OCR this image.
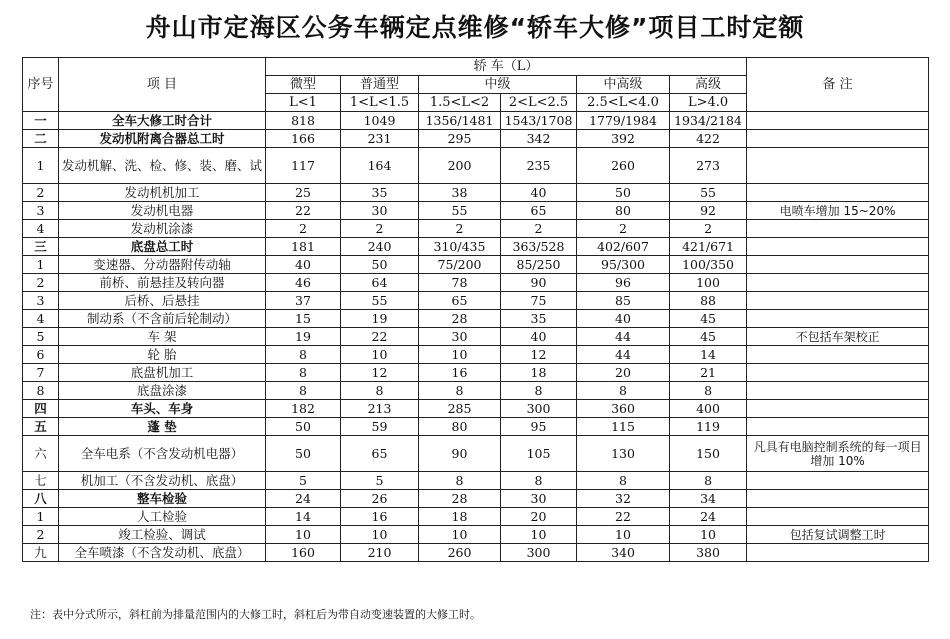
舟山市定海区公务车辆定点维修“轿车大修”项目工时定额
序号	项 目	轿 车（L）						备 注
		微型	普通型	中级		中高级	高级	
		L<1	1<L<1.5	1.5<L<2	2<L<2.5	2.5<L<4.0	L>4.0	
一	全车大修工时合计	818	1049	1356/1481	1543/1708	1779/1984	1934/2184	
二	发动机附离合器总工时	166	231	295	342	392	422	
1	发动机解、洗、检、修、装、磨、试	117	164	200	235	260	273	
2	发动机机加工	25	35	38	40	50	55	
3	发动机电器	22	30	55	65	80	92	电喷车增加 15~20%
4	发动机涂漆	2	2	2	2	2	2	
三	底盘总工时	181	240	310/435	363/528	402/607	421/671	
1	变速器、分动器附传动轴	40	50	75/200	85/250	95/300	100/350	
2	前桥、前悬挂及转向器	46	64	78	90	96	100	
3	后桥、后悬挂	37	55	65	75	85	88	
4	制动系（不含前后轮制动）	15	19	28	35	40	45	
5	车 架	19	22	30	40	44	45	不包括车架校正
6	轮 胎	8	10	10	12	44	14	
7	底盘机加工	8	12	16	18	20	21	
8	底盘涂漆	8	8	8	8	8	8	
四	车头、车身	182	213	285	300	360	400	
五	蓬 垫	50	59	80	95	115	119	
六	全车电系（不含发动机电器）	50	65	90	105	130	150	凡具有电脑控制系统的每一项目增加 10%
七	机加工（不含发动机、底盘）	5	5	8	8	8	8	
八	整车检验	24	26	28	30	32	34	
1	人工检验	14	16	18	20	22	24	
2	竣工检验、调试	10	10	10	10	10	10	包括复试调整工时
九	全车喷漆（不含发动机、底盘）	160	210	260	300	340	380	
注：表中分式所示，斜杠前为排量范围内的大修工时，斜杠后为带自动变速装置的大修工时。
